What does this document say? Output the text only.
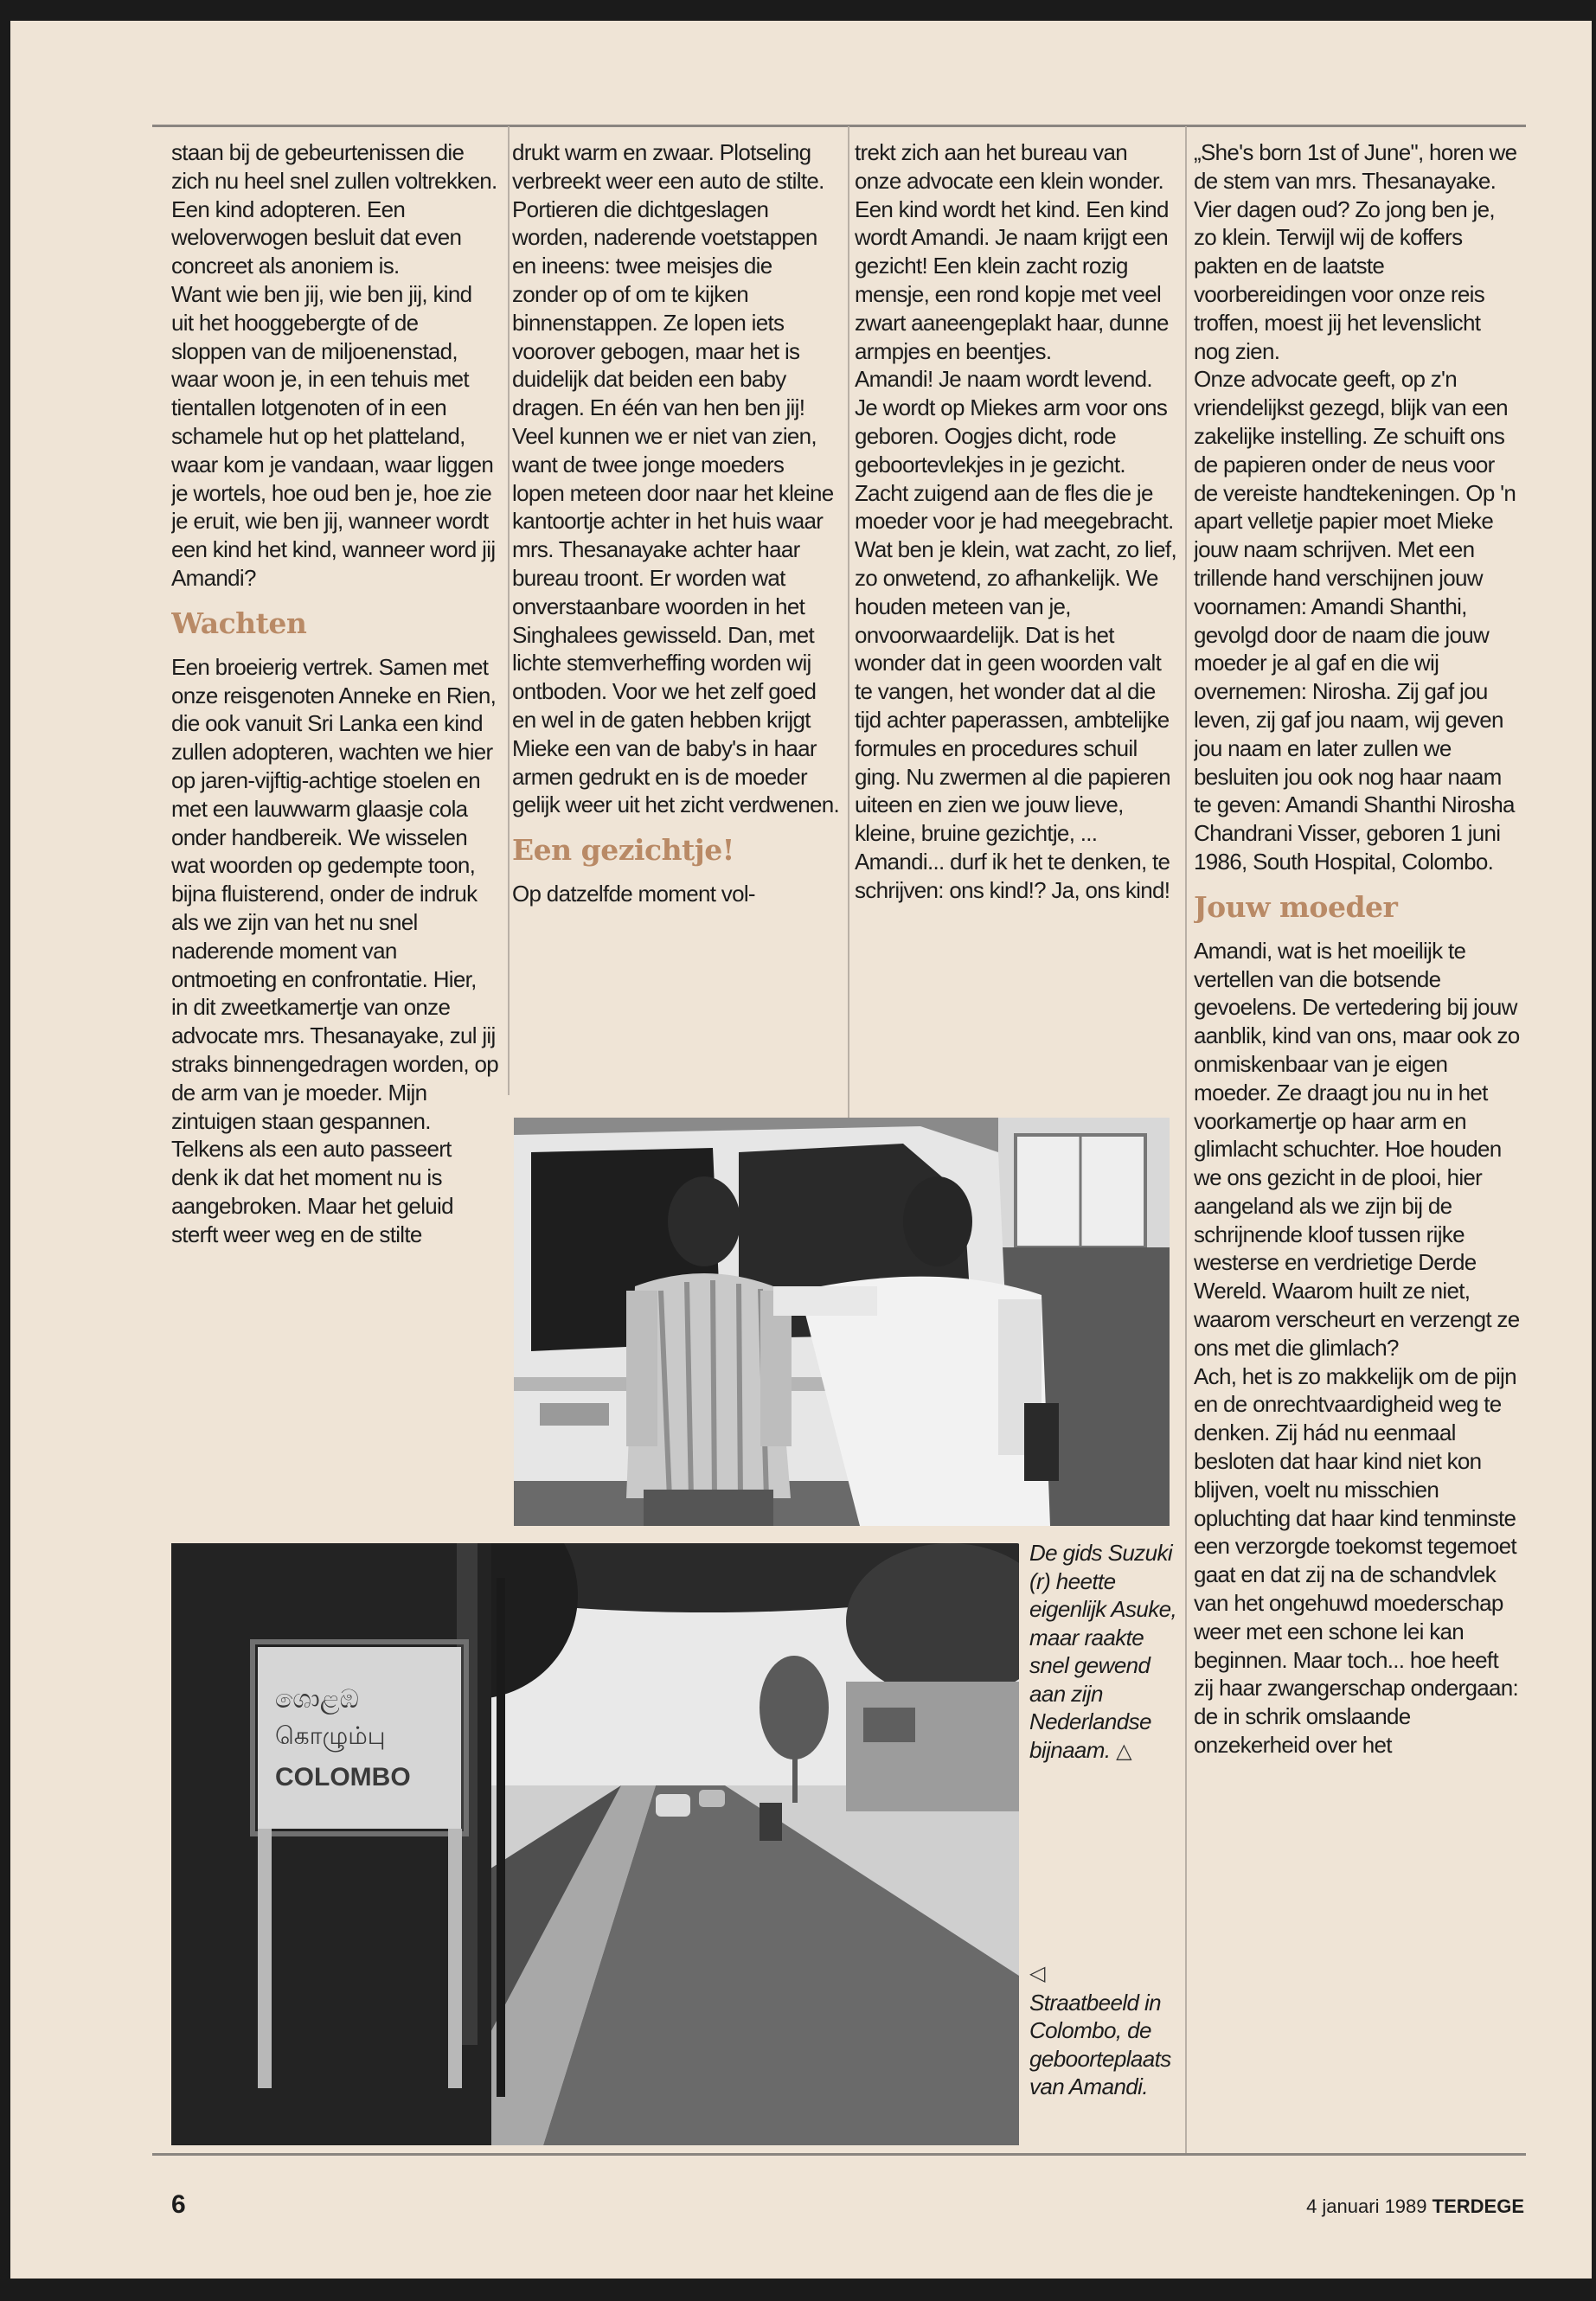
staan bij de gebeurtenissen die zich nu heel snel zullen voltrekken. Een kind adopteren. Een weloverwogen besluit dat even concreet als anoniem is.

Want wie ben jij, wie ben jij, kind uit het hooggebergte of de sloppen van de miljoenenstad, waar woon je, in een tehuis met tientallen lotgenoten of in een schamele hut op het platteland, waar kom je vandaan, waar liggen je wortels, hoe oud ben je, hoe zie je eruit, wie ben jij, wanneer wordt een kind het kind, wanneer word jij Amandi?

Wachten

Een broeierig vertrek. Samen met onze reisgenoten Anneke en Rien, die ook vanuit Sri Lanka een kind zullen adopteren, wachten we hier op jaren-vijftig-achtige stoelen en met een lauwwarm glaasje cola onder handbereik. We wisselen wat woorden op gedempte toon, bijna fluisterend, onder de indruk als we zijn van het nu snel naderende moment van ontmoeting en confrontatie. Hier, in dit zweetkamertje van onze advocate mrs. Thesanayake, zul jij straks binnengedragen worden, op de arm van je moeder. Mijn zintuigen staan gespannen. Telkens als een auto passeert denk ik dat het moment nu is aangebroken. Maar het geluid sterft weer weg en de stilte

drukt warm en zwaar. Plotseling verbreekt weer een auto de stilte. Portieren die dichtgeslagen worden, naderende voetstappen en ineens: twee meisjes die zonder op of om te kijken binnenstappen. Ze lopen iets voorover gebogen, maar het is duidelijk dat beiden een baby dragen. En één van hen ben jij!

Veel kunnen we er niet van zien, want de twee jonge moeders lopen meteen door naar het kleine kantoortje achter in het huis waar mrs. Thesanayake achter haar bureau troont. Er worden wat onverstaanbare woorden in het Singhalees gewisseld. Dan, met lichte stemverheffing worden wij ontboden. Voor we het zelf goed en wel in de gaten hebben krijgt Mieke een van de baby's in haar armen gedrukt en is de moeder gelijk weer uit het zicht verdwenen.

Een gezichtje!

Op datzelfde moment vol-

trekt zich aan het bureau van onze advocate een klein wonder. Een kind wordt het kind. Een kind wordt Amandi. Je naam krijgt een gezicht! Een klein zacht rozig mensje, een rond kopje met veel zwart aaneengeplakt haar, dunne armpjes en beentjes.

Amandi! Je naam wordt levend. Je wordt op Miekes arm voor ons geboren. Oogjes dicht, rode geboortevlekjes in je gezicht. Zacht zuigend aan de fles die je moeder voor je had meegebracht.

Wat ben je klein, wat zacht, zo lief, zo onwetend, zo afhankelijk. We houden meteen van je, onvoorwaardelijk. Dat is het wonder dat in geen woorden valt te vangen, het wonder dat al die tijd achter paperassen, ambtelijke formules en procedures schuil ging. Nu zwermen al die papieren uiteen en zien we jouw lieve, kleine, bruine gezichtje, ... Amandi... durf ik het te denken, te schrijven: ons kind!? Ja, ons kind!

„She's born 1st of June", horen we de stem van mrs. Thesanayake. Vier dagen oud? Zo jong ben je, zo klein. Terwijl wij de koffers pakten en de laatste voorbereidingen voor onze reis troffen, moest jij het levenslicht nog zien.

Onze advocate geeft, op z'n vriendelijkst gezegd, blijk van een zakelijke instelling. Ze schuift ons de papieren onder de neus voor de vereiste handtekeningen. Op 'n apart velletje papier moet Mieke jouw naam schrijven. Met een trillende hand verschijnen jouw voornamen: Amandi Shanthi, gevolgd door de naam die jouw moeder je al gaf en die wij overnemen: Nirosha. Zij gaf jou leven, zij gaf jou naam, wij geven jou naam en later zullen we besluiten jou ook nog haar naam te geven: Amandi Shanthi Nirosha Chandrani Visser, geboren 1 juni 1986, South Hospital, Colombo.

Jouw moeder

Amandi, wat is het moeilijk te vertellen van die botsende gevoelens. De vertedering bij jouw aanblik, kind van ons, maar ook zo onmiskenbaar van je eigen moeder. Ze draagt jou nu in het voorkamertje op haar arm en glimlacht schuchter. Hoe houden we ons gezicht in de plooi, hier aangeland als we zijn bij de schrijnende kloof tussen rijke westerse en verdrietige Derde Wereld. Waarom huilt ze niet, waarom verscheurt en verzengt ze ons met die glimlach?

Ach, het is zo makkelijk om de pijn en de onrechtvaardigheid weg te denken. Zij hád nu eenmaal besloten dat haar kind niet kon blijven, voelt nu misschien opluchting dat haar kind tenminste een verzorgde toekomst tegemoet gaat en dat zij na de schandvlek van het ongehuwd moederschap weer met een schone lei kan beginnen. Maar toch... hoe heeft zij haar zwangerschap ondergaan: de in schrik omslaande onzekerheid over het

ශොළඹ
கொழும்பு
COLOMBO
De gids Suzuki (r) heette eigenlijk Asuke, maar raakte snel gewend aan zijn Nederlandse bijnaam. △
◁
Straatbeeld in Colombo, de geboorteplaats van Amandi.
6	4 januari 1989 TERDEGE
